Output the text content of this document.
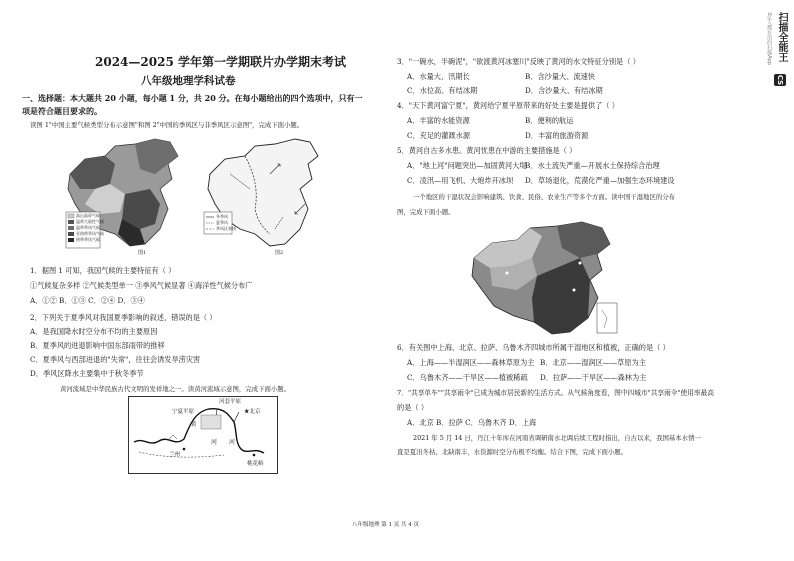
2024—2025 学年第一学期联片办学期末考试
八年级地理学科试卷
一、选择题：本大题共 20 小题，每小题 1 分，共 20 分。在每小题给出的四个选项中，只有一
项是符合题目要求的。
读图 1"中国主要气候类型分布示意图"和图 2"中国的季风区与非季风区示意图"，完成下面小题。
高山高原气候
温带大陆性气候
温带季风气候
亚热带季风气候
热带季风气候
图1
冬季风
夏季风
季风区界线
图2
1．据图 1 可知，我国气候的主要特征有（ ）
①气候复杂多样 ②气候类型单一 ③季风气候显著 ④海洋性气候分布广
A．①② B．①③ C．②④ D．③④
2．下列关于夏季风对我国夏季影响的叙述，错误的是（ ）
A．是我国降水时空分布不均的主要原因
B．夏季风的进退影响中国东部雨带的推移
C．夏季风与西部进退的"失常"，往往会诱发旱涝灾害
D．季风区降水主要集中于秋冬季节
黄河流域是中华民族古代文明的发祥地之一。读黄河流域示意图，完成下面小题。
河套平原
宁夏平原	★北京
黄
河 河
兰州
桃花峪
3．"一碗水，半碗泥"，"欲渡黄河冰塞川"反映了黄河的水文特征分别是（ ）
A．水量大、汛期长	B．含沙量大、流速快
C．水位高、有结冰期	D．含沙量大、有结冰期
4．"天下黄河富宁夏"，黄河给宁夏平原带来的好处主要是提供了（ ）
A．丰富的水能资源	B．便利的航运
C．充足的灌溉水源	D．丰富的旅游资源
5．黄河自古多水患。黄河忧患在中游的主要措施是（ ）
A．"地上河"问题突出—加固黄河大堤
B．水土流失严重—开展水土保持综合治理
C．凌汛—用飞机、大炮炸开冰坝 D．草场退化，荒漠化严重—加强生态环境建设
一个地区的干湿状况会影响建筑、饮食、民俗、农业生产等多个方面。读中国干湿地区的分布
图，完成下面小题。
6．有关图中上海、北京、拉萨、乌鲁木齐四城市所属干湿地区和植被，正确的是（ ）
A．上海——半湿润区——森林草原为主 B．北京——湿润区——草原为主
C．乌鲁木齐——干旱区——植被稀疏 D．拉萨——干旱区——森林为主
7．"共享单车""共享雨伞"已成为城市居民新的生活方式。从气候角度看，图中四城市"共享雨伞"使用率最高
的是（ ）
A．北京 B．拉萨 C．乌鲁木齐 D．上海
2021 年 5 月 14 日，丹江十年库在河南省调研南水北调后续工程时指出，自古以来，我国基本水情一
直是夏汛冬枯、北缺南丰，水资源时空分布极不均衡。结合下图，完成下面小题。
八年级地理 第 1 页 共 4 页
CS
扫描全能王
3亿人都在用的扫描App
